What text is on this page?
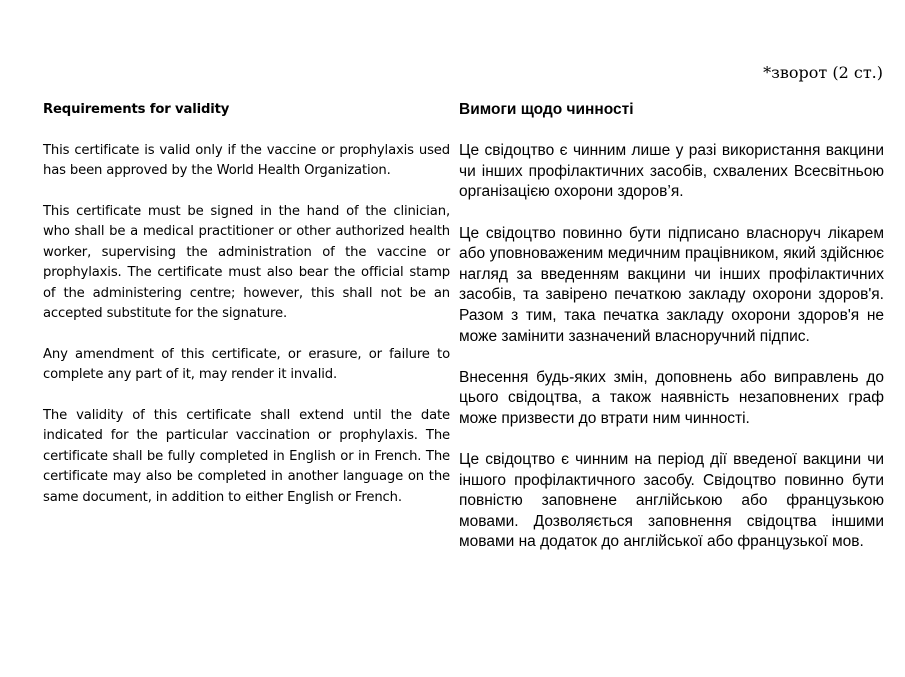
*зворот (2 ст.)
Requirements for validity

This certificate is valid only if the vaccine or prophylaxis used has been approved by the World Health Organization.

This certificate must be signed in the hand of the clinician, who shall be a medical practitioner or other authorized health worker, supervising the administration of the vaccine or prophylaxis. The certificate must also bear the official stamp of the administering centre; however, this shall not be an accepted substitute for the signature.

Any amendment of this certificate, or erasure, or failure to complete any part of it, may render it invalid.

The validity of this certificate shall extend until the date indicated for the particular vaccination or prophylaxis. The certificate shall be fully completed in English or in French. The certificate may also be completed in another language on the same document, in addition to either English or French.

Вимоги щодо чинності

Це свідоцтво є чинним лише у разі використання вакцини чи інших профілактичних засобів, схвалених Всесвітньою організацією охорони здоров’я.

Це свідоцтво повинно бути підписано власноруч лікарем або уповноваженим медичним працівником, який здійснює нагляд за введенням вакцини чи інших профілактичних засобів, та завірено печаткою закладу охорони здоров'я. Разом з тим, така печатка закладу охорони здоров'я не може замінити зазначений власноручний підпис.

Внесення будь-яких змін, доповнень або виправлень до цього свідоцтва, а також наявність незаповнених граф може призвести до втрати ним чинності.

Це свідоцтво є чинним на період дії введеної вакцини чи іншого профілактичного засобу. Свідоцтво повинно бути повністю заповнене англійською або французькою мовами. Дозволяється заповнення свідоцтва іншими мовами на додаток до англійської або французької мов.
